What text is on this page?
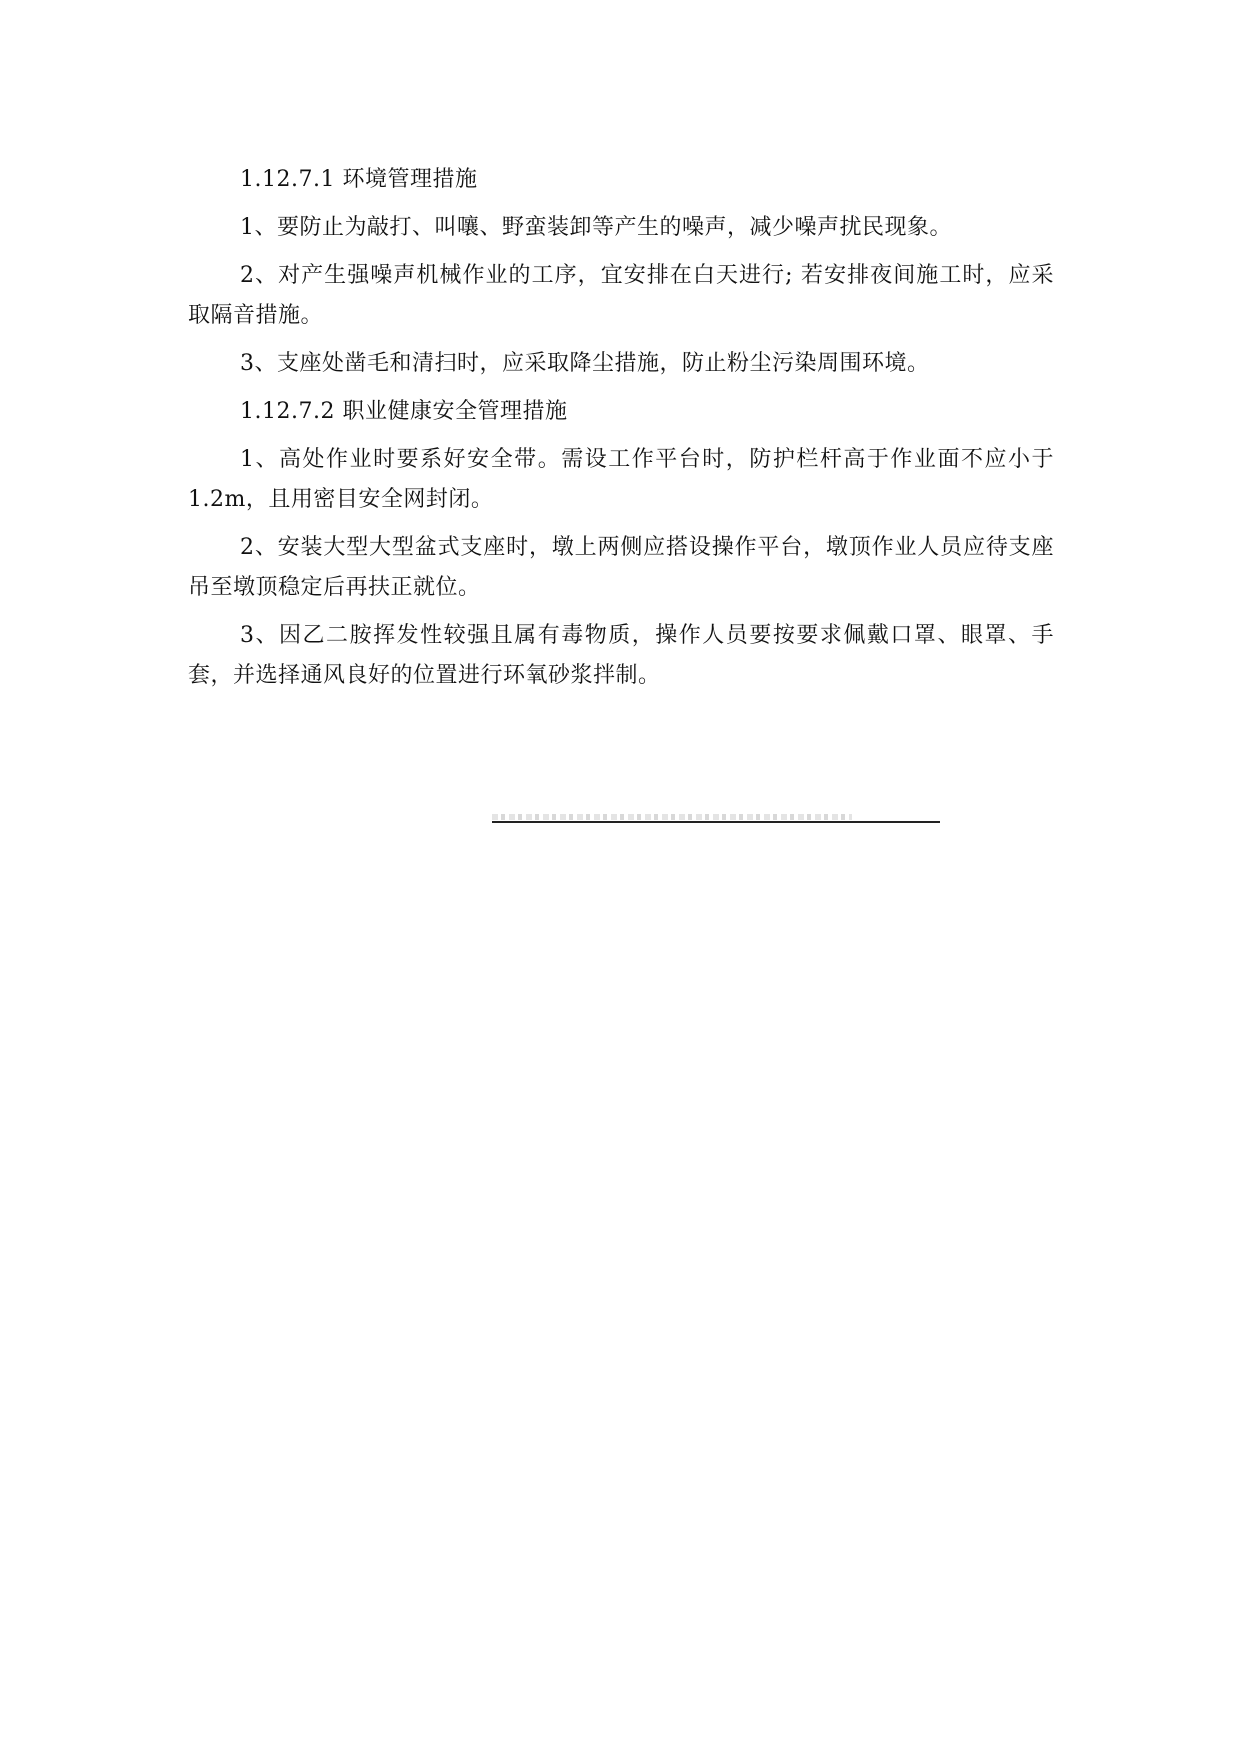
1.12.7.1 环境管理措施

1、要防止为敲打、叫嚷、野蛮装卸等产生的噪声，减少噪声扰民现象。

2、对产生强噪声机械作业的工序，宜安排在白天进行; 若安排夜间施工时，应采取隔音措施。

3、支座处凿毛和清扫时，应采取降尘措施，防止粉尘污染周围环境。

1.12.7.2 职业健康安全管理措施

1、高处作业时要系好安全带。需设工作平台时，防护栏杆高于作业面不应小于 1.2m，且用密目安全网封闭。

2、安装大型大型盆式支座时，墩上两侧应搭设操作平台，墩顶作业人员应待支座吊至墩顶稳定后再扶正就位。

3、因乙二胺挥发性较强且属有毒物质，操作人员要按要求佩戴口罩、眼罩、手套，并选择通风良好的位置进行环氧砂浆拌制。
